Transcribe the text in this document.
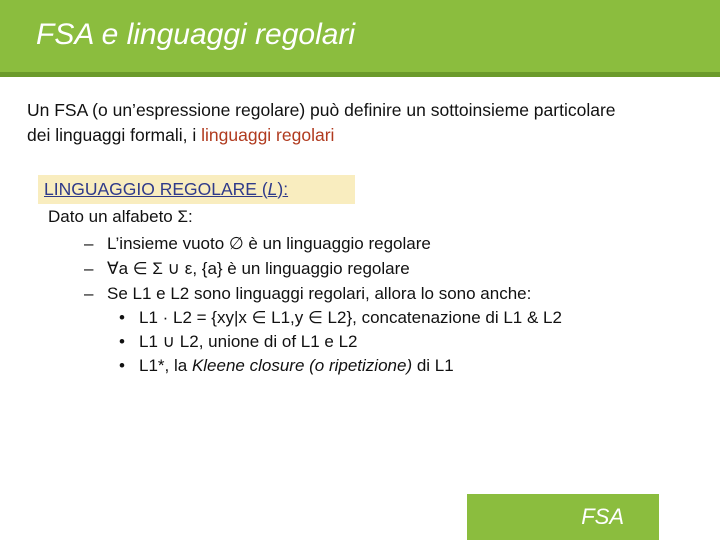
FSA e linguaggi regolari
Un FSA (o un’espressione regolare) può definire un sottoinsieme particolare
dei linguaggi formali, i linguaggi regolari
LINGUAGGIO REGOLARE (L):
Dato un alfabeto Σ:
– L’insieme vuoto ∅ è un linguaggio regolare
– ∀a ∈ Σ ∪ ε, {a} è un linguaggio regolare
– Se L1 e L2 sono linguaggi regolari, allora lo sono anche:
• L1 · L2 = {xy|x ∈ L1,y ∈ L2}, concatenazione di L1 & L2
• L1 ∪ L2, unione di of L1 e L2
• L1*, la Kleene closure (o ripetizione) di L1
FSA
